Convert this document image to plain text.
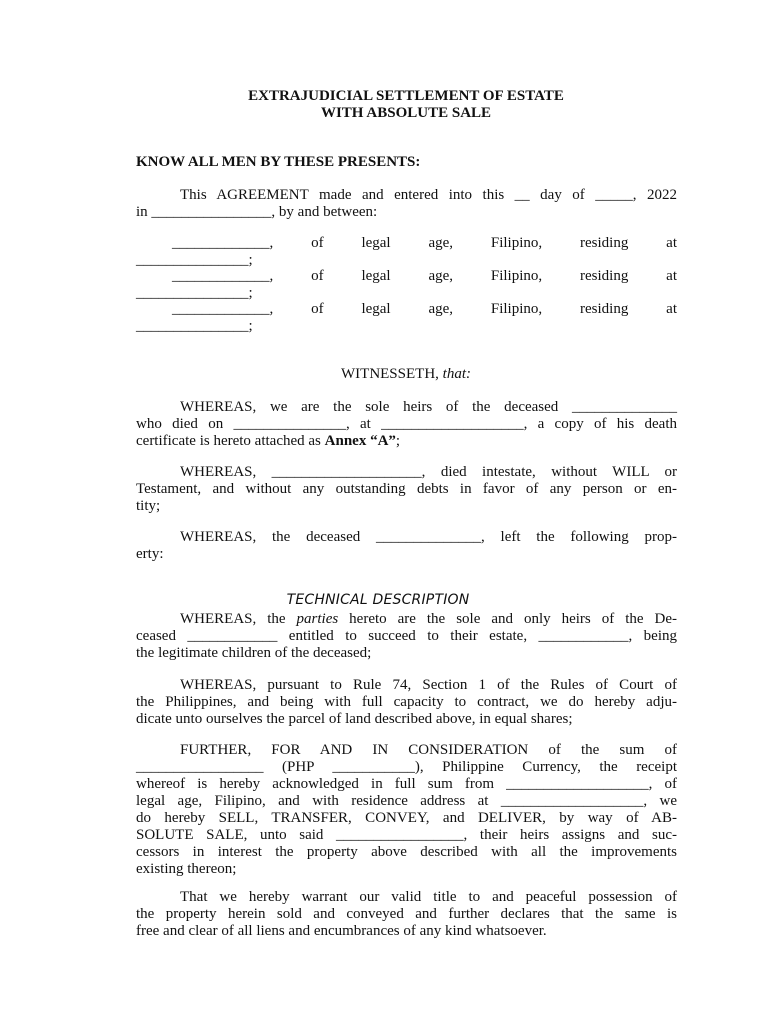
EXTRAJUDICIAL SETTLEMENT OF ESTATE

WITH ABSOLUTE SALE

KNOW ALL MEN BY THESE PRESENTS:

This AGREEMENT made and entered into this __ day of _____, 2022
in ________________, by and between:
_____________, of legal age, Filipino, residing at
_______________;
_____________, of legal age, Filipino, residing at
_______________;
_____________, of legal age, Filipino, residing at
_______________;

WITNESSETH, that:

WHEREAS, we are the sole heirs of the deceased ______________
who died on _______________, at ___________________, a copy of his death
certificate is hereto attached as Annex “A”;
WHEREAS, ____________________, died intestate, without WILL or
Testament, and without any outstanding debts in favor of any person or en-
tity;
WHEREAS, the deceased ______________, left the following prop-
erty:

TECHNICAL DESCRIPTION

WHEREAS, the parties hereto are the sole and only heirs of the De-
ceased ____________ entitled to succeed to their estate, ____________, being
the legitimate children of the deceased;
WHEREAS, pursuant to Rule 74, Section 1 of the Rules of Court of
the Philippines, and being with full capacity to contract, we do hereby adju-
dicate unto ourselves the parcel of land described above, in equal shares;
FURTHER, FOR AND IN CONSIDERATION of the sum of
_________________ (PHP ___________), Philippine Currency, the receipt
whereof is hereby acknowledged in full sum from ___________________, of
legal age, Filipino, and with residence address at ___________________, we
do hereby SELL, TRANSFER, CONVEY, and DELIVER, by way of AB-
SOLUTE SALE, unto said _________________, their heirs assigns and suc-
cessors in interest the property above described with all the improvements
existing thereon;
That we hereby warrant our valid title to and peaceful possession of
the property herein sold and conveyed and further declares that the same is
free and clear of all liens and encumbrances of any kind whatsoever.
